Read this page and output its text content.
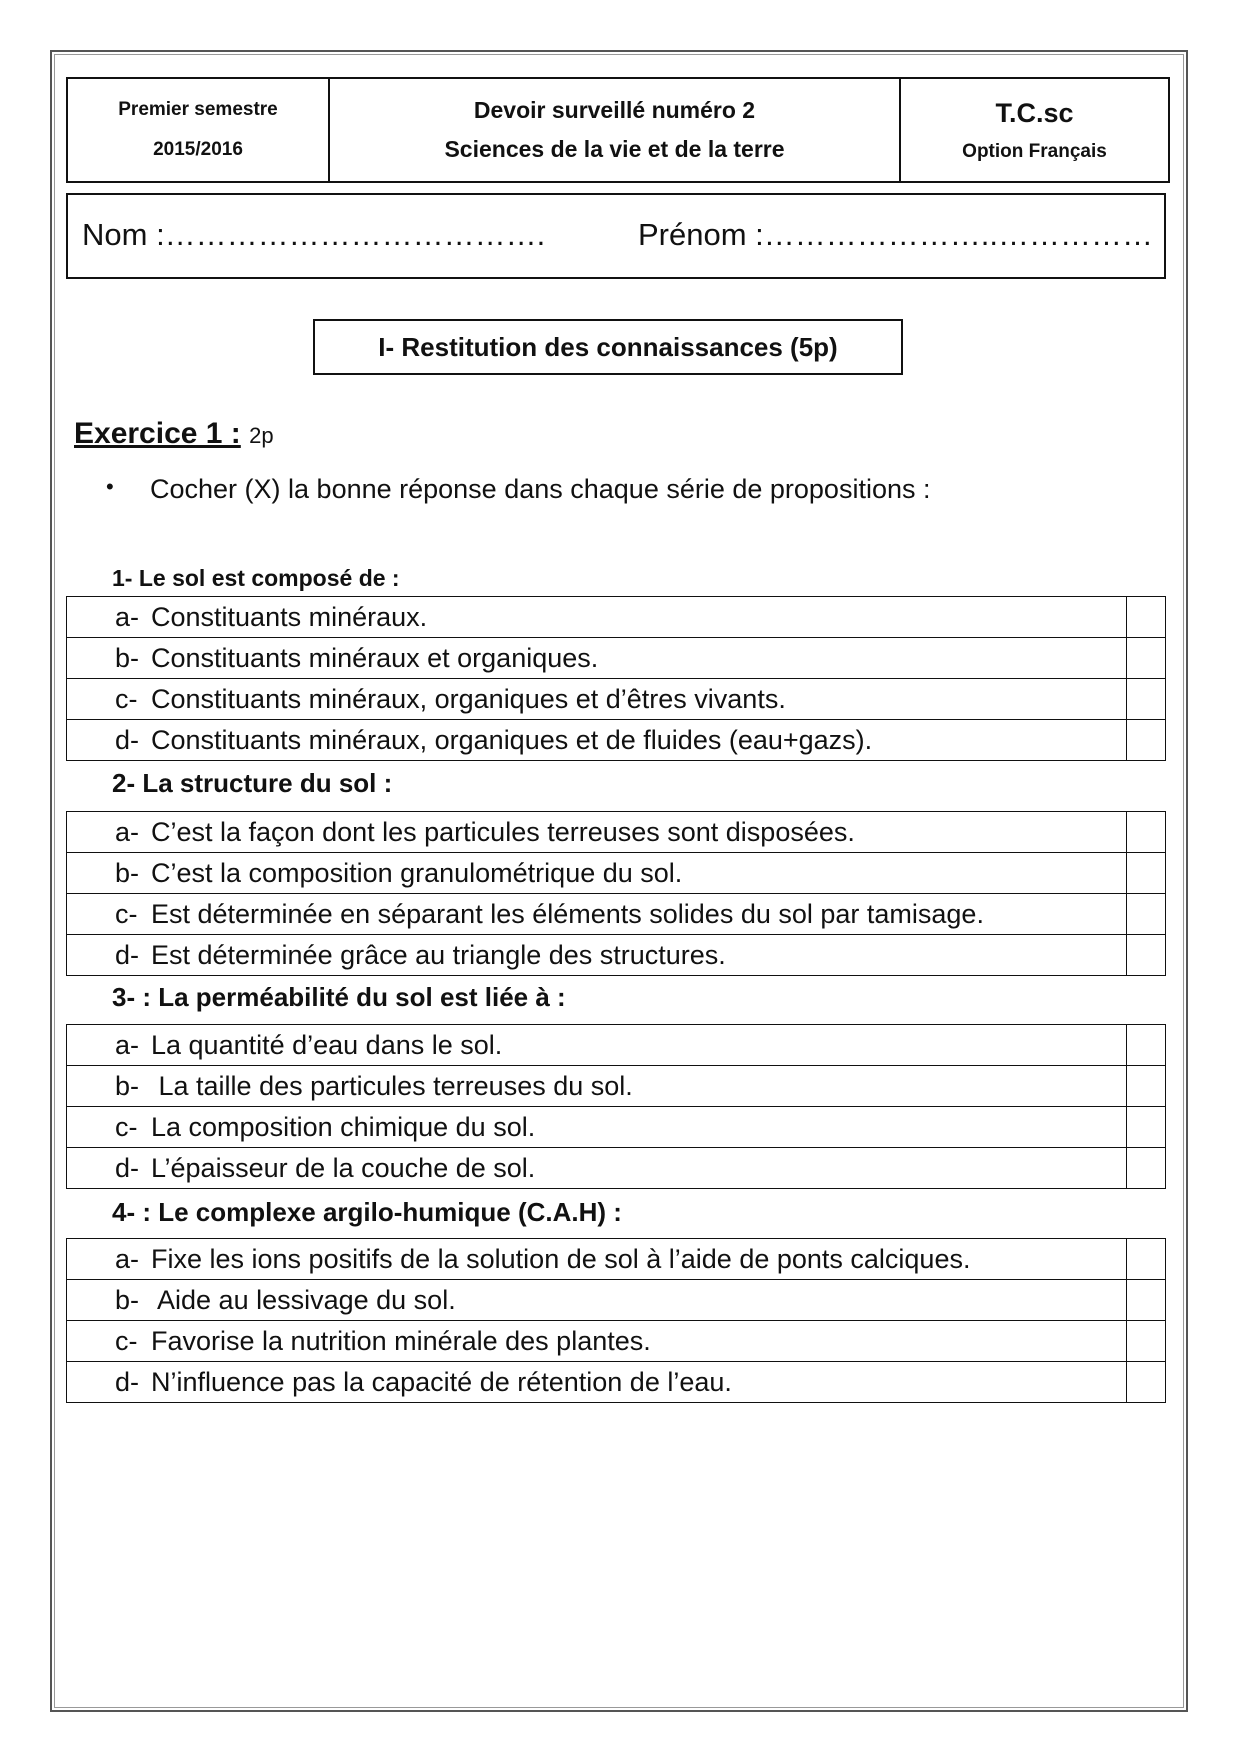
Premier semestre
2015/2016
Devoir surveillé numéro 2
Sciences de la vie et de la terre
T.C.sc
Option Français
Nom :……………………………….	Prénom :…………………..……………
I- Restitution des connaissances (5p)
Exercice 1 : 2p
• Cocher (X) la bonne réponse dans chaque série de propositions :
1- Le sol est composé de :
a- Constituants minéraux.	
b- Constituants minéraux et organiques.	
c- Constituants minéraux, organiques et d’êtres vivants.	
d- Constituants minéraux, organiques et de fluides (eau+gazs).	
2- La structure du sol :
a- C’est la façon dont les particules terreuses sont disposées.	
b- C’est la composition granulométrique du sol.	
c- Est déterminée en séparant les éléments solides du sol par tamisage.	
d- Est déterminée grâce au triangle des structures.	
3- : La perméabilité du sol est liée à :
a- La quantité d’eau dans le sol.	
b- La taille des particules terreuses du sol.	
c- La composition chimique du sol.	
d- L’épaisseur de la couche de sol.	
4- : Le complexe argilo-humique (C.A.H) :
a- Fixe les ions positifs de la solution de sol à l’aide de ponts calciques.	
b- Aide au lessivage du sol.	
c- Favorise la nutrition minérale des plantes.	
d- N’influence pas la capacité de rétention de l’eau.	
